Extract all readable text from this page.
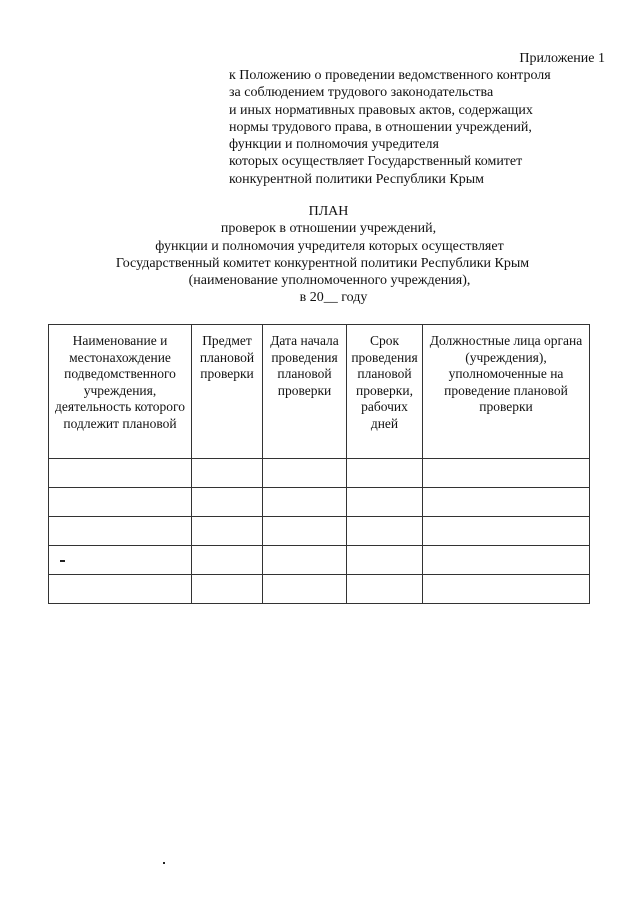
Приложение 1
к Положению о проведении ведомственного контроля
за соблюдением трудового законодательства
и иных нормативных правовых актов, содержащих
нормы трудового права, в отношении учреждений,
функции и полномочия учредителя
которых осуществляет Государственный комитет
конкурентной политики Республики Крым
ПЛАН
проверок в отношении учреждений,
функции и полномочия учредителя которых осуществляет
Государственный комитет конкурентной политики Республики Крым
(наименование уполномоченного учреждения),
в 20__ году
Наименование и местонахождение подведомственного учреждения, деятельность которого подлежит плановой	Предмет плановой проверки	Дата начала проведения плановой проверки	Срок проведения плановой проверки, рабочих дней	Должностные лица органа (учреждения), уполномоченные на проведение плановой проверки
